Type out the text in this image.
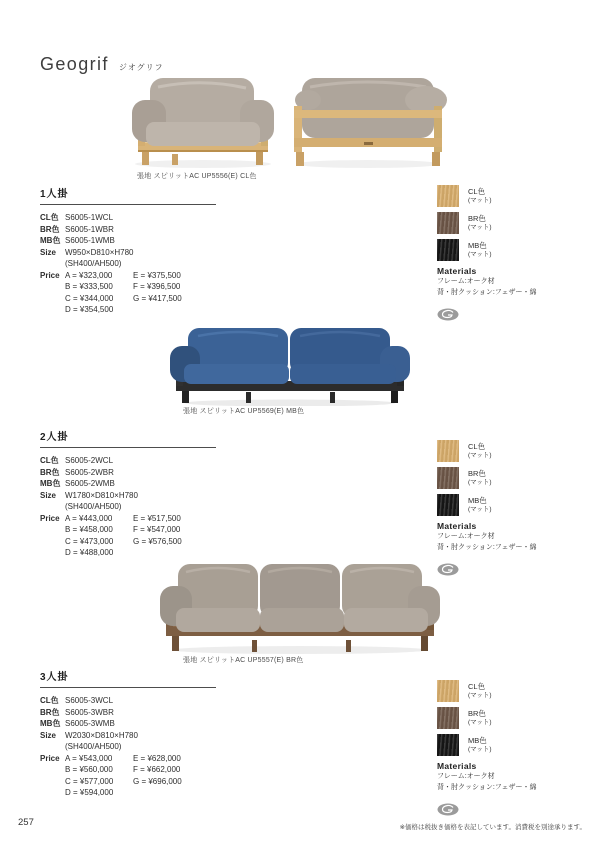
Geogrif ジオグリフ
張地 スピリットAC UP5556(E) CL色
張地 スピリットAC UP5569(E) MB色
張地 スピリットAC UP5557(E) BR色
1人掛
CL色 S6005-1WCL
BR色 S6005-1WBR
MB色 S6005-1WMB
Size	W950×D810×H780
(SH400/AH500)
Price A = ¥323,000	E = ¥375,500
B = ¥333,500	F = ¥396,500
C = ¥344,000	G = ¥417,500
D = ¥354,500
2人掛
CL色 S6005-2WCL
BR色 S6005-2WBR
MB色 S6005-2WMB
Size	W1780×D810×H780
(SH400/AH500)
Price A = ¥443,000	E = ¥517,500
B = ¥458,000	F = ¥547,000
C = ¥473,000	G = ¥576,500
D = ¥488,000
3人掛
CL色 S6005-3WCL
BR色 S6005-3WBR
MB色 S6005-3WMB
Size	W2030×D810×H780
(SH400/AH500)
Price A = ¥543,000	E = ¥628,000
B = ¥560,000	F = ¥662,000
C = ¥577,000	G = ¥696,000
D = ¥594,000
CL色
(マット)
BR色
(マット)
MB色
(マット)
Materials
フレーム:オーク材
背・肘クッション:フェザー・綿
CL色
(マット)
BR色
(マット)
MB色
(マット)
Materials
フレーム:オーク材
背・肘クッション:フェザー・綿
CL色
(マット)
BR色
(マット)
MB色
(マット)
Materials
フレーム:オーク材
背・肘クッション:フェザー・綿
257	※価格は税抜き価格を表記しています。消費税を別途承ります。
